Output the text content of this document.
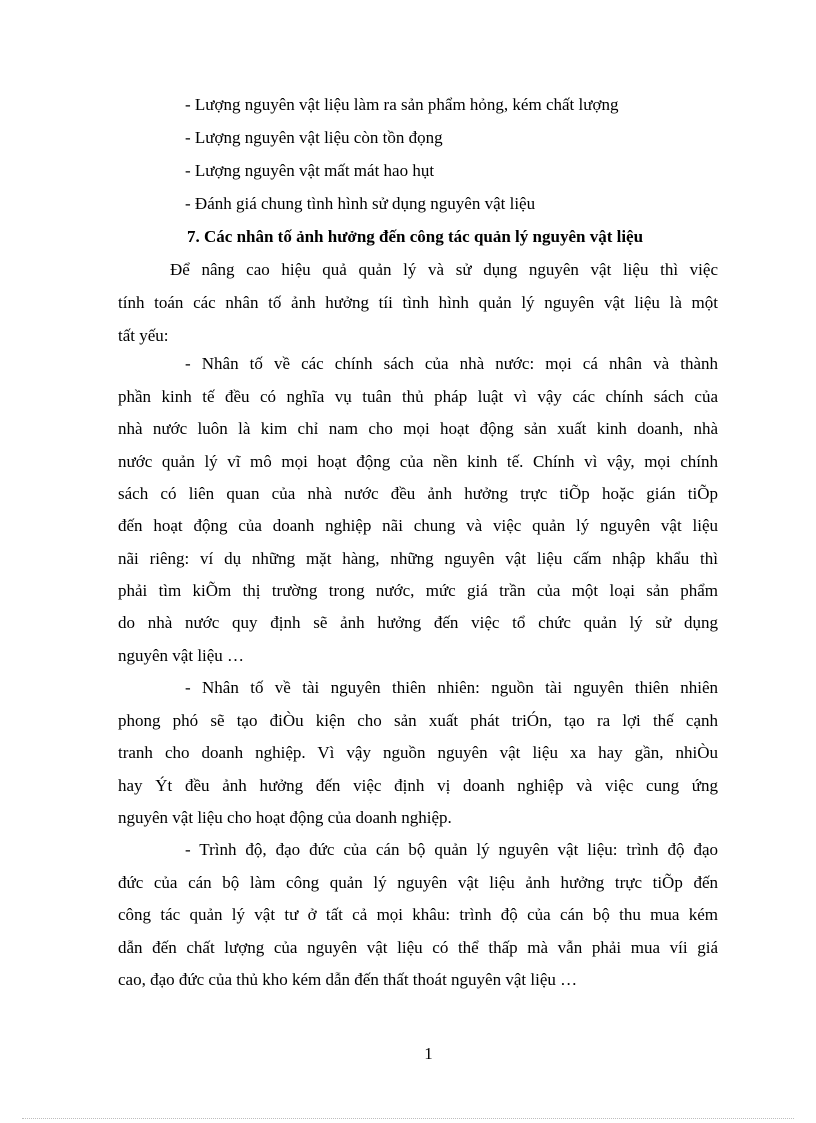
- Lượng nguyên vật liệu làm ra sản phẩm hỏng, kém chất lượng
- Lượng nguyên vật liệu còn tồn đọng
- Lượng nguyên vật mất mát hao hụt
- Đánh giá chung tình hình sử dụng nguyên vật liệu
7. Các nhân tố ảnh hưởng đến công tác quản lý nguyên vật liệu
Để nâng cao hiệu quả quản lý và sử dụng nguyên vật liệu thì việc
tính toán các nhân tố ảnh hưởng tíi tình hình quản lý nguyên vật liệu là một
tất yếu:
- Nhân tố về các chính sách của nhà nước: mọi cá nhân và thành
phần kinh tế đều có nghĩa vụ tuân thủ pháp luật vì vậy các chính sách của
nhà nước luôn là kim chỉ nam cho mọi hoạt động sản xuất kinh doanh, nhà
nước quản lý vĩ mô mọi hoạt động của nền kinh tế. Chính vì vậy, mọi chính
sách có liên quan của nhà nước đều ảnh hưởng trực tiÕp hoặc gián tiÕp
đến hoạt động của doanh nghiệp nãi chung và việc quản lý nguyên vật liệu
nãi riêng: ví dụ những mặt hàng, những nguyên vật liệu cấm nhập khẩu thì
phải tìm kiÕm thị trường trong nước, mức giá trần của một loại sản phẩm
do nhà nước quy định sẽ ảnh hưởng đến việc tổ chức quản lý sử dụng
nguyên vật liệu …
- Nhân tố về tài nguyên thiên nhiên: nguồn tài nguyên thiên nhiên
phong phó sẽ tạo điÒu kiện cho sản xuất phát triÓn, tạo ra lợi thế cạnh
tranh cho doanh nghiệp. Vì vậy nguồn nguyên vật liệu xa hay gần, nhiÒu
hay Ýt đều ảnh hưởng đến việc định vị doanh nghiệp và việc cung ứng
nguyên vật liệu cho hoạt động của doanh nghiệp.
- Trình độ, đạo đức của cán bộ quản lý nguyên vật liệu: trình độ đạo
đức của cán bộ làm công quản lý nguyên vật liệu ảnh hưởng trực tiÕp đến
công tác quản lý vật tư ở tất cả mọi khâu: trình độ của cán bộ thu mua kém
dẫn đến chất lượng của nguyên vật liệu có thể thấp mà vẫn phải mua víi giá
cao, đạo đức của thủ kho kém dẫn đến thất thoát nguyên vật liệu …
1
